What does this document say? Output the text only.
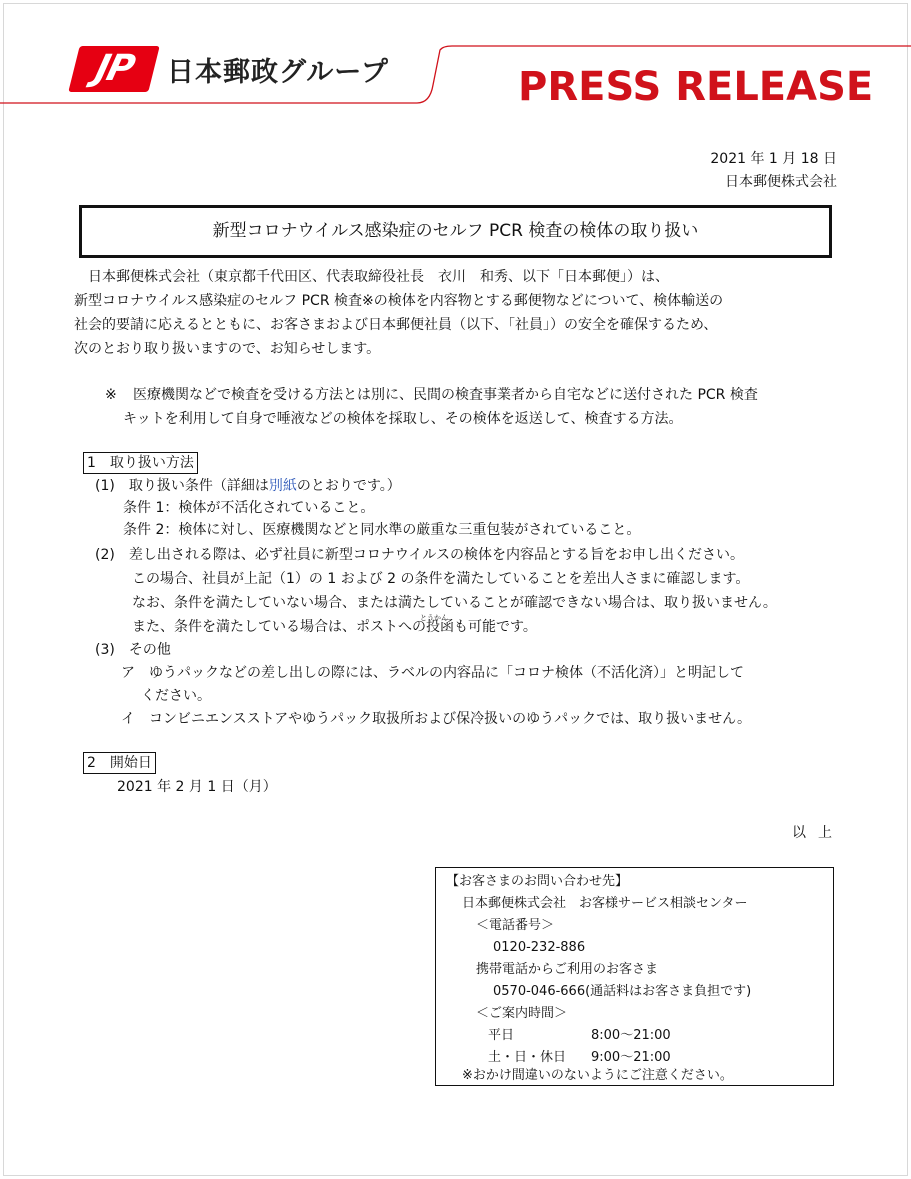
JP	日本郵政グループ	PRESS RELEASE
2021 年 1 月 18 日
日本郵便株式会社
新型コロナウイルス感染症のセルフ PCR 検査の検体の取り扱い
日本郵便株式会社（東京都千代田区、代表取締役社長　衣川　和秀、以下「日本郵便」）は、
新型コロナウイルス感染症のセルフ PCR 検査※の検体を内容物とする郵便物などについて、検体輸送の
社会的要請に応えるとともに、お客さまおよび日本郵便社員（以下、「社員」）の安全を確保するため、
次のとおり取り扱いますので、お知らせします。
※ 医療機関などで検査を受ける方法とは別に、民間の検査事業者から自宅などに送付された PCR 検査
キットを利用して自身で唾液などの検体を採取し、その検体を返送して、検査する方法。
1　取り扱い方法
(1)　取り扱い条件（詳細は別紙のとおりです。）
条件 1：検体が不活化されていること。
条件 2：検体に対し、医療機関などと同水準の厳重な三重包装がされていること。
(2)　差し出される際は、必ず社員に新型コロナウイルスの検体を内容品とする旨をお申し出ください。
この場合、社員が上記（1）の 1 および 2 の条件を満たしていることを差出人さまに確認します。
なお、条件を満たしていない場合、または満たしていることが確認できない場合は、取り扱いません。
また、条件を満たしている場合は、ポストへの
とうかん
投函も可能です。
(3)　その他
ア　ゆうパックなどの差し出しの際には、ラベルの内容品に「コロナ検体（不活化済）」と明記して
ください。
イ　コンビニエンスストアやゆうパック取扱所および保冷扱いのゆうパックでは、取り扱いません。
2　開始日
2021 年 2 月 1 日（月）
以上
【お客さまのお問い合わせ先】
日本郵便株式会社　お客様サービス相談センター
＜電話番号＞
0120-232-886
携帯電話からご利用のお客さま
0570-046-666(通話料はお客さま負担です)
＜ご案内時間＞
平日	8:00～21:00
土・日・休日 9:00～21:00
※おかけ間違いのないようにご注意ください。
